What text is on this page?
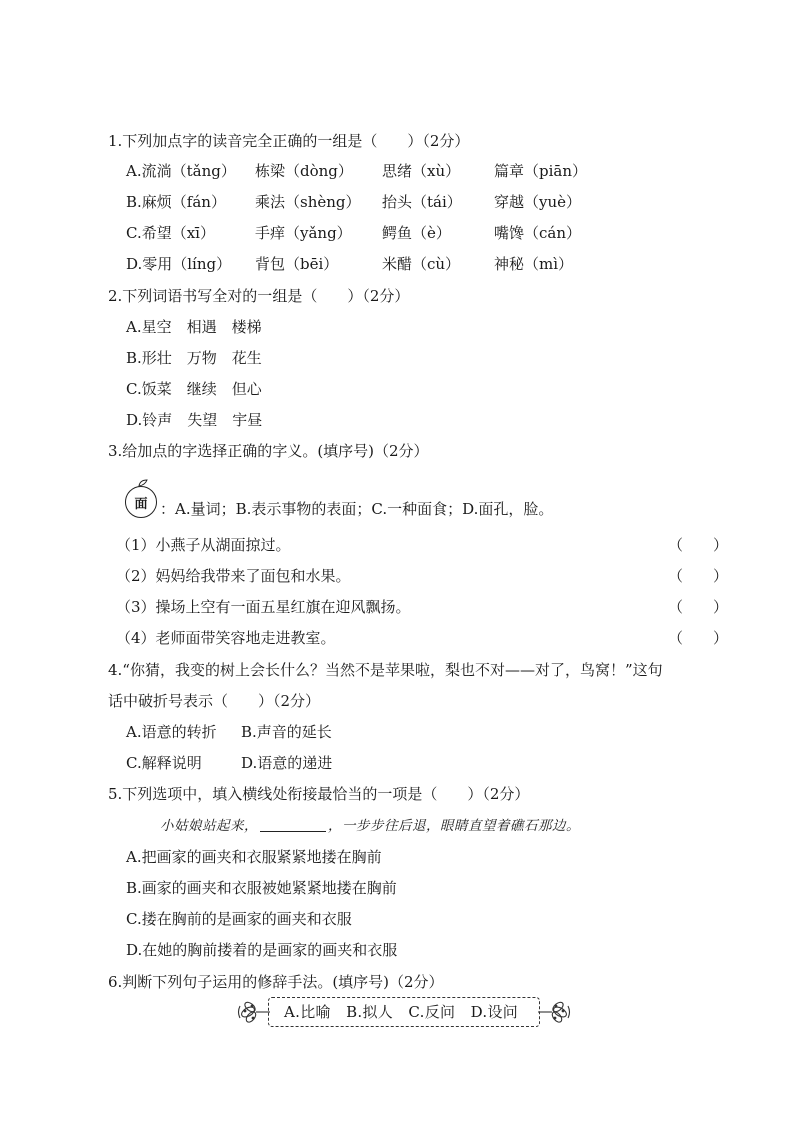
1.下列加点字的读音完全正确的一组是（　　）（2分）
A.流淌（tǎng） 栋梁（dòng） 思绪（xù） 篇章（piān）
B.麻烦（fán） 乘法（shèng） 抬头（tái） 穿越（yuè）
C.希望（xī）	手痒（yǎng） 鳄鱼（è）	嘴馋（cán）
D.零用（líng） 背包（bēi）	米醋（cù） 神秘（mì）
2.下列词语书写全对的一组是（　　）（2分）
A.星空　相遇　楼梯
B.形壮　万物　花生
C.饭菜　继续　但心
D.铃声　失望　宇昼
3.给加点的字选择正确的字义。(填序号)（2分）
面 ：A.量词；B.表示事物的表面；C.一种面食；D.面孔，脸。
（1）小燕子从湖面掠过。	（　　）
（2）妈妈给我带来了面包和水果。	（　　）
（3）操场上空有一面五星红旗在迎风飘扬。	（　　）
（4）老师面带笑容地走进教室。	（　　）
4.“你猜，我变的树上会长什么？当然不是苹果啦，梨也不对——对了，鸟窝！”这句
话中破折号表示（　　）（2分）
A.语意的转折 B.声音的延长
C.解释说明	D.语意的递进
5.下列选项中，填入横线处衔接最恰当的一项是（　　）（2分）
小姑娘站起来，	，一步步往后退，眼睛直望着礁石那边。
A.把画家的画夹和衣服紧紧地搂在胸前
B.画家的画夹和衣服被她紧紧地搂在胸前
C.搂在胸前的是画家的画夹和衣服
D.在她的胸前搂着的是画家的画夹和衣服
6.判断下列句子运用的修辞手法。(填序号)（2分）
A.比喻　B.拟人　C.反问　D.设问
